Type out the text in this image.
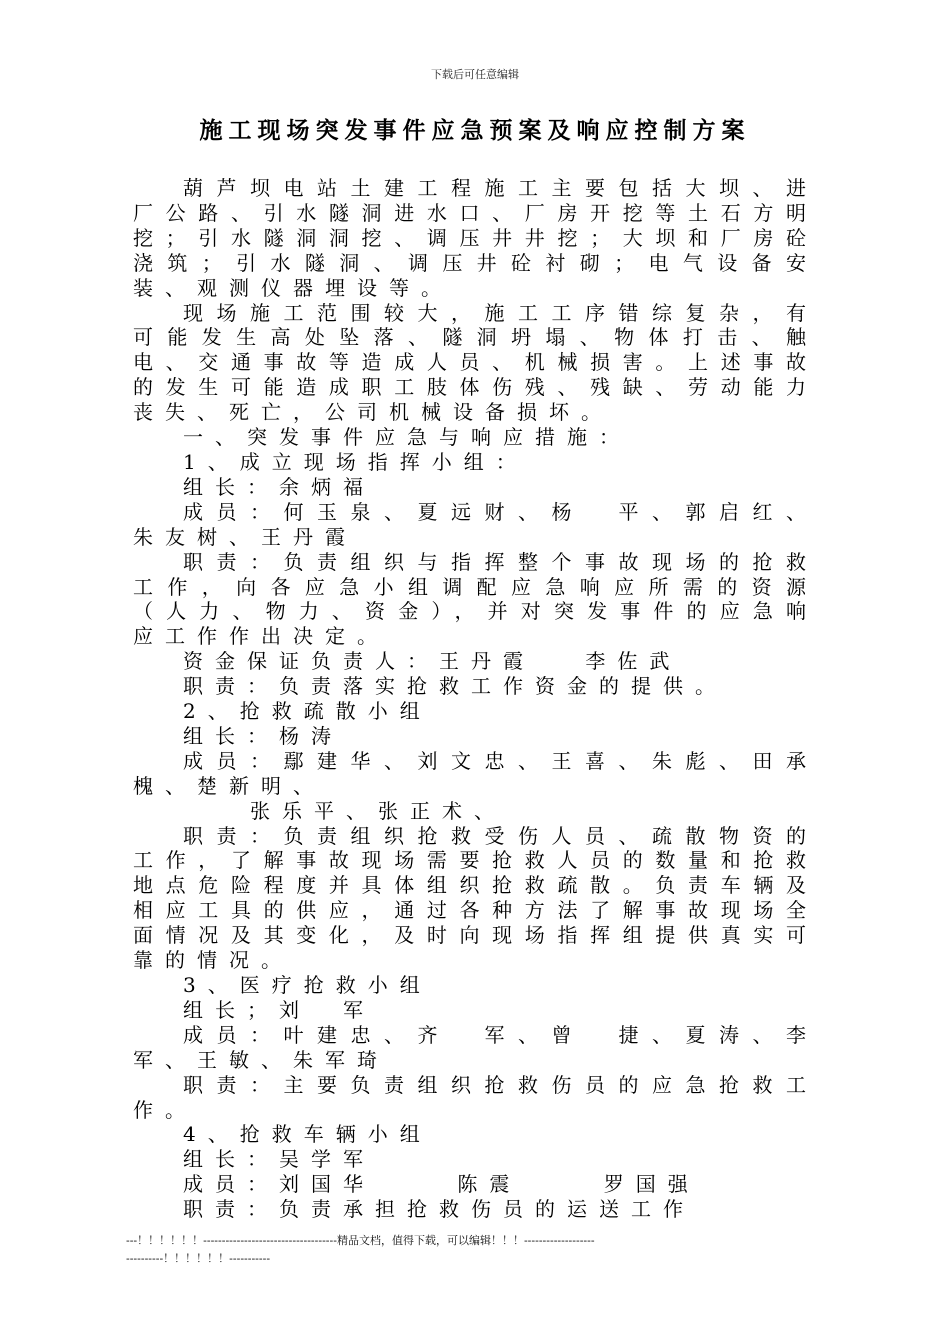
下载后可任意编辑
施工现场突发事件应急预案及响应控制方案

葫芦坝电站土建工程施工主要包括大坝、进厂公路、引水隧洞进水口、厂房开挖等土石方明挖；引水隧洞洞挖、调压井井挖；大坝和厂房砼浇筑；引水隧洞、调压井砼衬砌；电气设备安装、观测仪器埋设等。

现场施工范围较大，施工工序错综复杂，有可能发生高处坠落、隧洞坍塌、物体打击、触电、交通事故等造成人员、机械损害。上述事故的发生可能造成职工肢体伤残、残缺、劳动能力丧失、死亡，公司机械设备损坏。

一、突发事件应急与响应措施：

1、成立现场指挥小组：

组长：余炳福

成员：何玉泉、夏远财、杨　平、郭启红、朱友树、王丹霞

职责：负责组织与指挥整个事故现场的抢救工作，向各应急小组调配应急响应所需的资源（人力、物力、资金），并对突发事件的应急响应工作作出决定。

资金保证负责人：王丹霞　 李佐武

职责：负责落实抢救工作资金的提供。

2、抢救疏散小组

组长：杨涛

成员：鄢建华、刘文忠、王喜、朱彪、田承槐、楚新明、

张乐平、张正术、

职责：负责组织抢救受伤人员、疏散物资的工作，了解事故现场需要抢救人员的数量和抢救地点危险程度并具体组织抢救疏散。负责车辆及相应工具的供应，通过各种方法了解事故现场全面情况及其变化，及时向现场指挥组提供真实可靠的情况。

3、医疗抢救小组

组长；刘　军

成员：叶建忠、齐　军、曾　捷、夏涛、李军、王敏、朱军琦

职责：主要负责组织抢救伤员的应急抢救工作。

4、抢救车辆小组

组长：吴学军

成员：刘国华　　 陈震　　 罗国强

职责：负责承担抢救伤员的运送工作

---！！！！！！------------------------------------精品文档，值得下载，可以编辑！！！-----------------------------！！！！！！-----------
